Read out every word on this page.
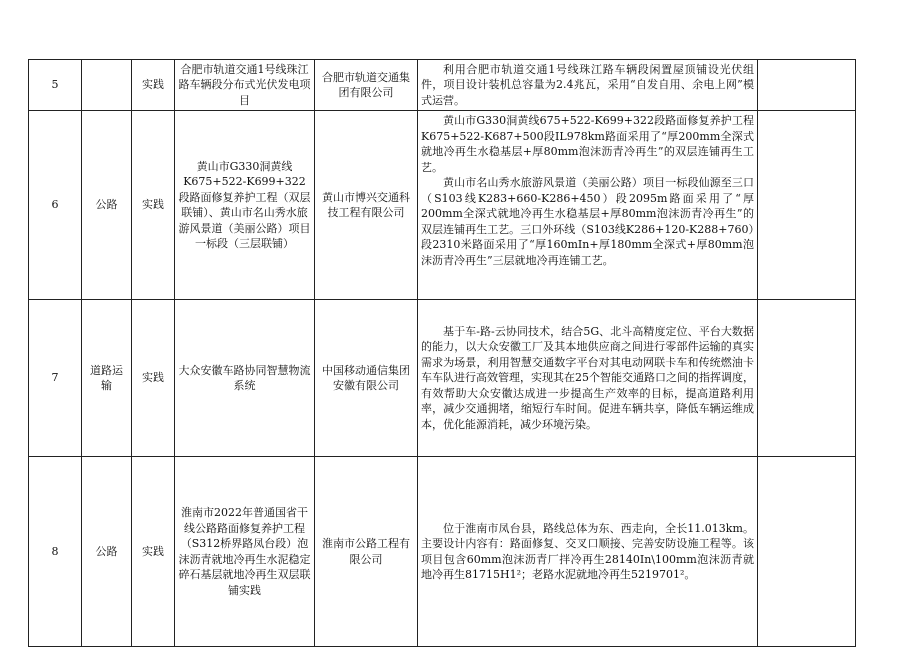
5		实践	合肥市轨道交通1号线珠江路车辆段分布式光伏发电项目	合肥市轨道交通集团有限公司	利用合肥市轨道交通1号线珠江路车辆段闲置屋顶铺设光伏组件，项目设计装机总容量为2.4兆瓦，采用“自发自用、余电上网”模式运营。	

6	公路	实践	黄山市G330洞黄线K675+522-K699+322段路面修复养护工程（双层联铺）、黄山市名山秀水旅游风景道（美丽公路）项目一标段（三层联铺）	黄山市博兴交通科技工程有限公司	黄山市G330洞黄线675+522-K699+322段路面修复养护工程K675+522-K687+500段IL978km路面采用了“厚200mm全深式就地冷再生水稳基层+厚80mm泡沫沥青冷再生”的双层连铺再生工艺。

黄山市名山秀水旅游风景道（美丽公路）项目一标段仙源至三口（S103线K283+660-K286+450）段2095m路面采用了“厚200mm全深式就地冷再生水稳基层+厚80mm泡沫沥青冷再生”的双层连铺再生工艺。三口外环线（S103线K286+120-K288+760）段2310米路面采用了“厚160mIn+厚180mm全深式+厚80mm泡沫沥青冷再生”三层就地冷再连铺工艺。	

7	道路运输	实践	大众安徽车路协同智慧物流系统	中国移动通信集团安徽有限公司	基于车-路-云协同技术，结合5G、北斗高精度定位、平台大数据的能力，以大众安徽工厂及其本地供应商之间进行零部件运输的真实需求为场景，利用智慧交通数字平台对其电动网联卡车和传统燃油卡车车队进行高效管理，实现其在25个智能交通路口之间的指挥调度，有效帮助大众安徽达成进一步提高生产效率的目标，提高道路利用率，减少交通拥堵，缩短行车时间。促进车辆共享，降低车辆运维成本，优化能源消耗，减少环境污染。	

8	公路	实践	淮南市2022年普通国省干线公路路面修复养护工程（S312桥界路凤台段）泡沫沥青就地冷再生水泥稳定碎石基层就地冷再生双层联铺实践	淮南市公路工程有限公司	位于淮南市凤台县，路线总体为东、西走向，全长11.013km。主要设计内容有：路面修复、交叉口顺接、完善安防设施工程等。该项目包含60mm泡沫沥青厂拌冷再生28140In\100mm泡沫沥青就地冷再生81715H1²；老路水泥就地冷再生5219701²。	
